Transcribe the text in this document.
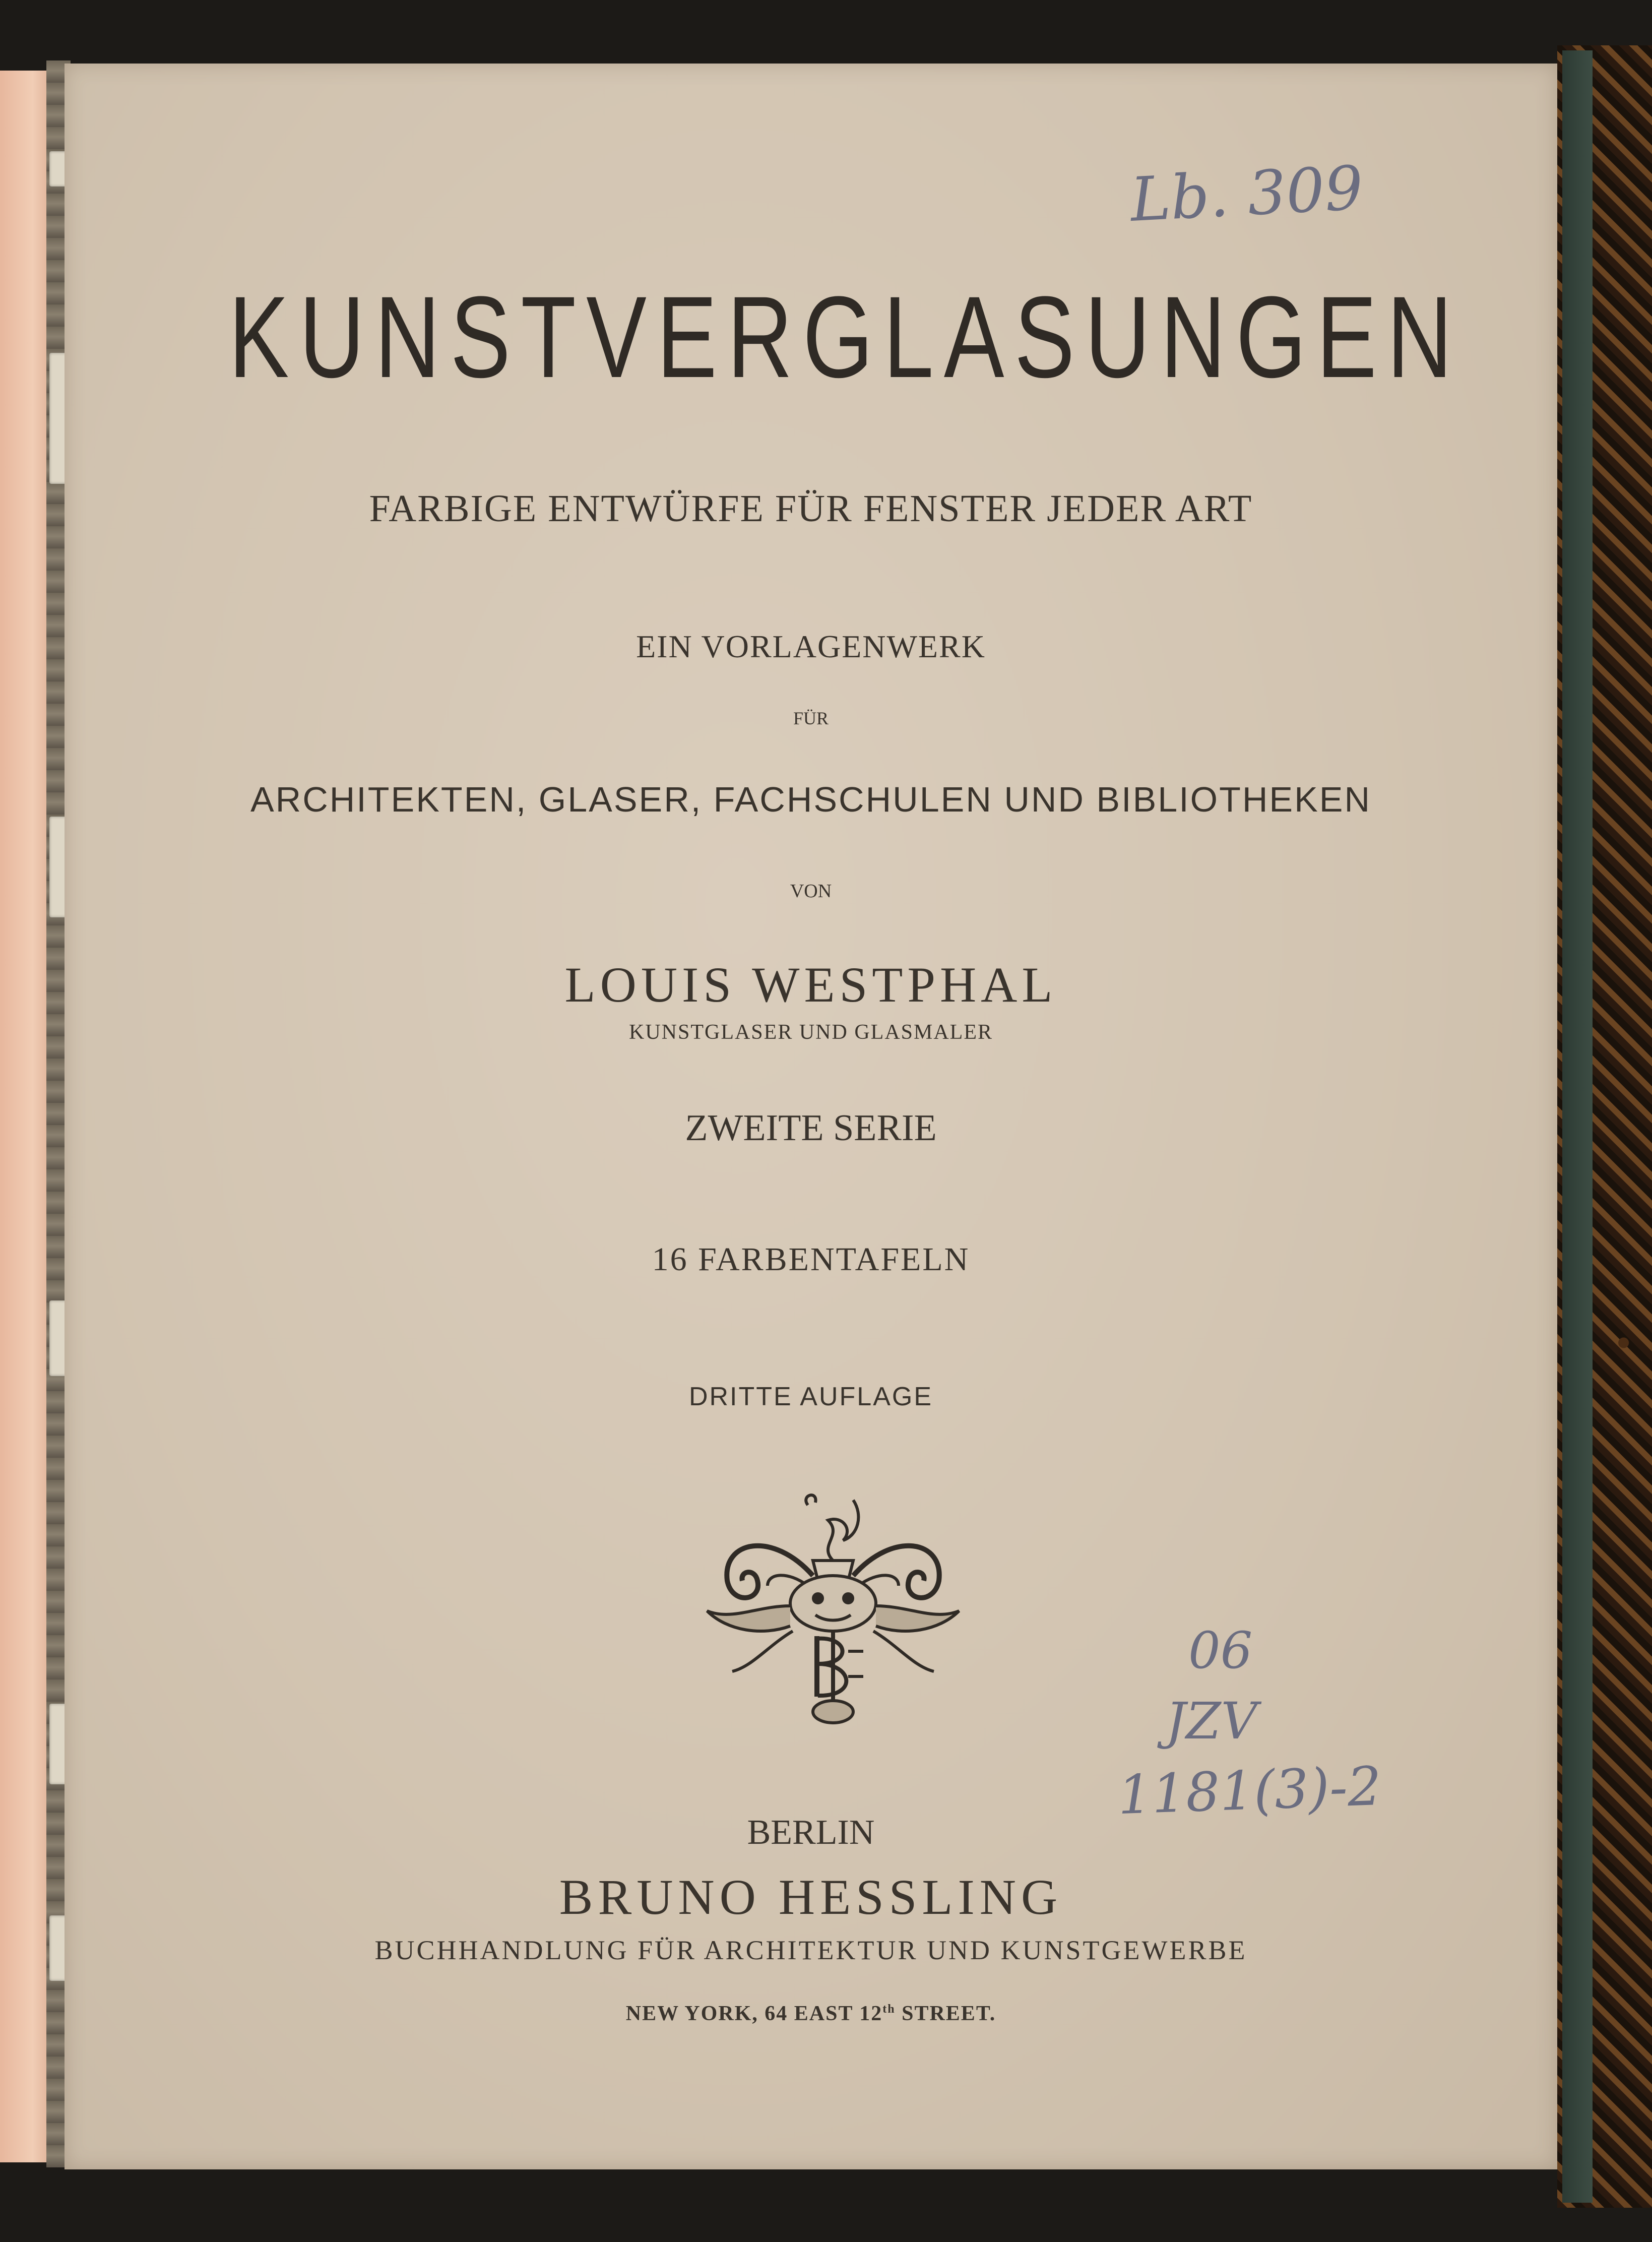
KUNSTVERGLASUNGEN
FARBIGE ENTWÜRFE FÜR FENSTER JEDER ART
EIN VORLAGENWERK
FÜR
ARCHITEKTEN, GLASER, FACHSCHULEN UND BIBLIOTHEKEN
VON
LOUIS WESTPHAL
KUNSTGLASER UND GLASMALER
ZWEITE SERIE
16 FARBENTAFELN
DRITTE AUFLAGE
BERLIN
BRUNO HESSLING
BUCHHANDLUNG FÜR ARCHITEKTUR UND KUNSTGEWERBE
NEW YORK, 64 EAST 12th STREET.
Lb. 309
06
JZV
1181(3)-2
